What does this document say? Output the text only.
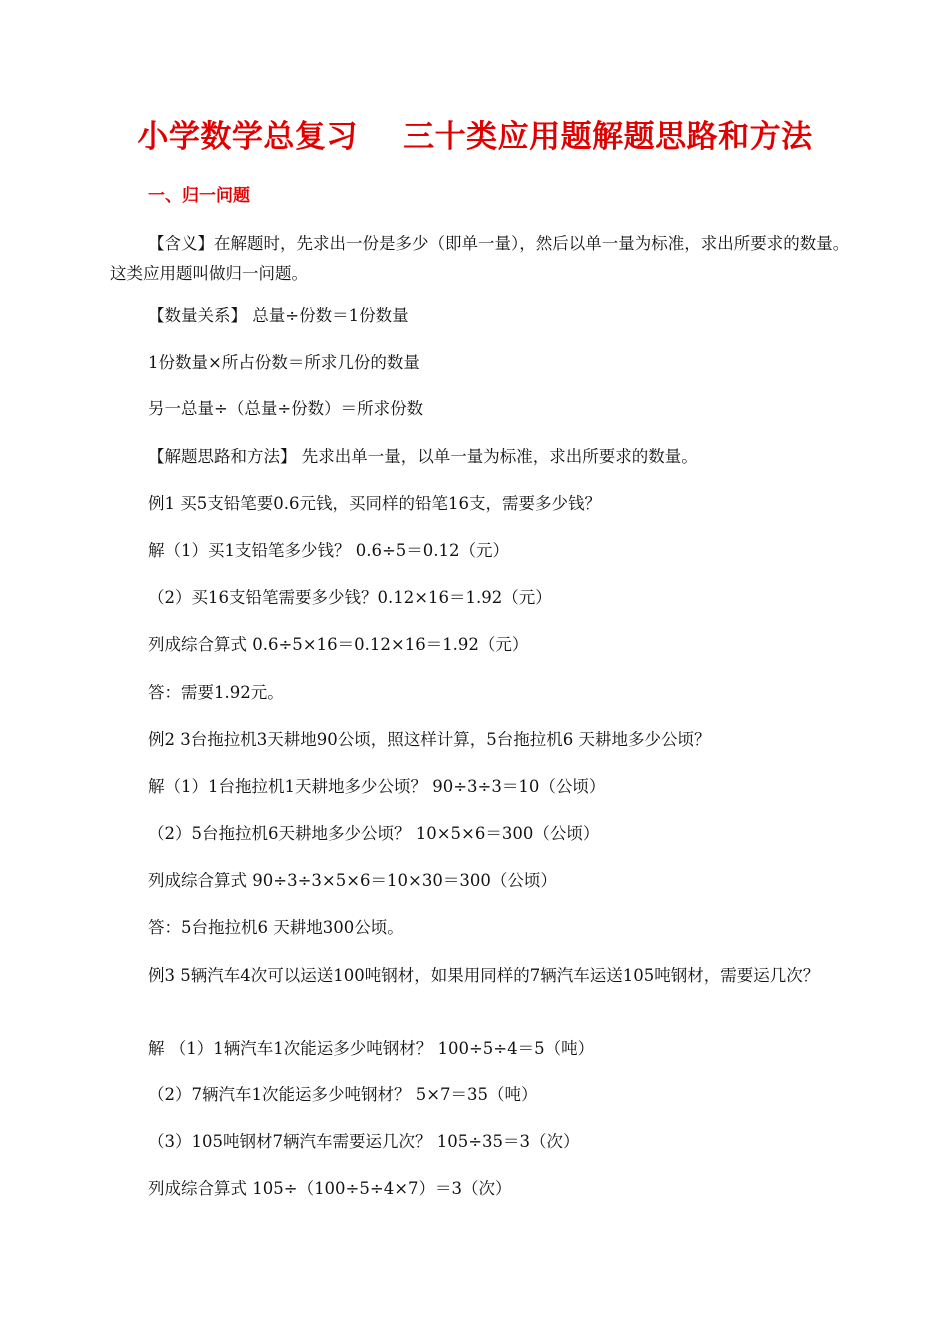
小学数学总复习    三十类应用题解题思路和方法
一、归一问题
【含义】在解题时，先求出一份是多少（即单一量），然后以单一量为标准，求出所要求的数量。这类应用题叫做归一问题。
【数量关系】 总量÷份数＝1份数量
1份数量×所占份数＝所求几份的数量
另一总量÷（总量÷份数）＝所求份数
【解题思路和方法】 先求出单一量，以单一量为标准，求出所要求的数量。
例1 买5支铅笔要0.6元钱，买同样的铅笔16支，需要多少钱？
解（1）买1支铅笔多少钱？ 0.6÷5＝0.12（元）
（2）买16支铅笔需要多少钱？0.12×16＝1.92（元）
列成综合算式 0.6÷5×16＝0.12×16＝1.92（元）
答：需要1.92元。
例2 3台拖拉机3天耕地90公顷，照这样计算，5台拖拉机6 天耕地多少公顷？
解（1）1台拖拉机1天耕地多少公顷？ 90÷3÷3＝10（公顷）
（2）5台拖拉机6天耕地多少公顷？ 10×5×6＝300（公顷）
列成综合算式 90÷3÷3×5×6＝10×30＝300（公顷）
答：5台拖拉机6 天耕地300公顷。
例3 5辆汽车4次可以运送100吨钢材，如果用同样的7辆汽车运送105吨钢材，需要运几次？
解 （1）1辆汽车1次能运多少吨钢材？ 100÷5÷4＝5（吨）
（2）7辆汽车1次能运多少吨钢材？ 5×7＝35（吨）
（3）105吨钢材7辆汽车需要运几次？ 105÷35＝3（次）
列成综合算式 105÷（100÷5÷4×7）＝3（次）
